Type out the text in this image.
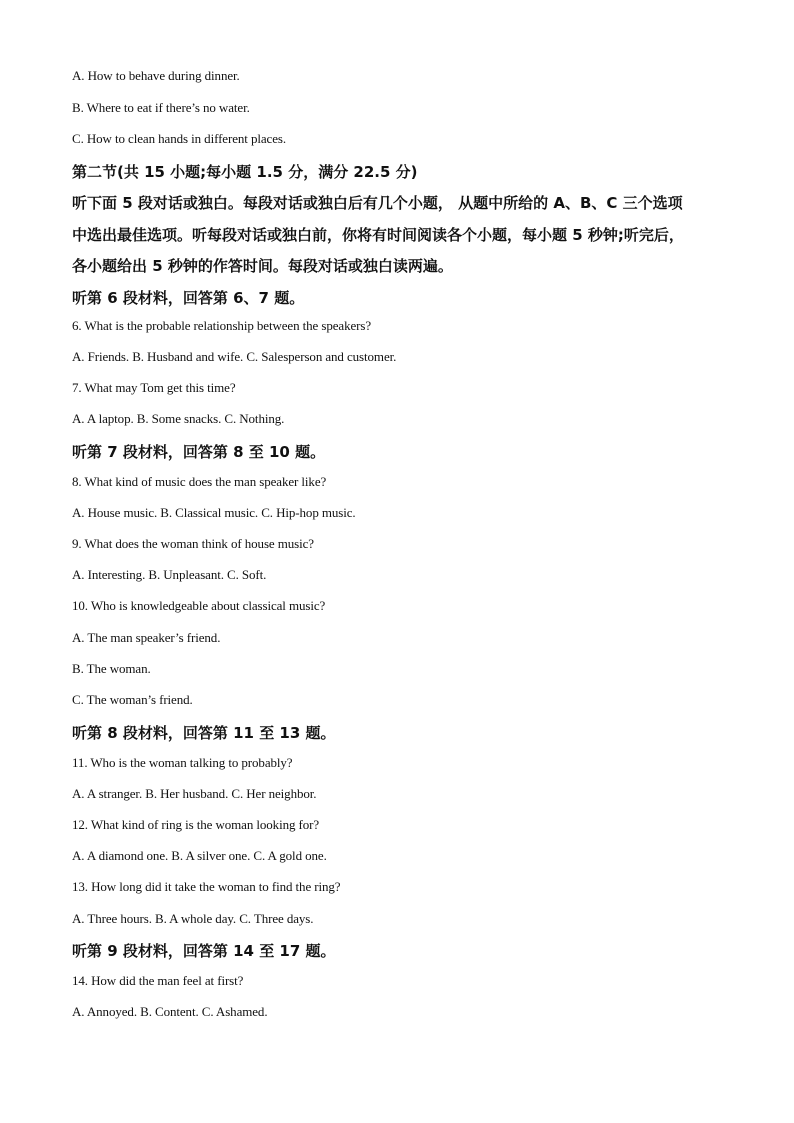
A. How to behave during dinner.

B. Where to eat if there’s no water.

C. How to clean hands in different places.

第二节(共 15 小题;每小题 1.5 分，满分 22.5 分)

听下面 5 段对话或独白。每段对话或独白后有几个小题， 从题中所给的 A、B、C 三个选项

中选出最佳选项。听每段对话或独白前，你将有时间阅读各个小题，每小题 5 秒钟;听完后，

各小题给出 5 秒钟的作答时间。每段对话或独白读两遍。

听第 6 段材料，回答第 6、7 题。

6. What is the probable relationship between the speakers?

A. Friends. B. Husband and wife. C. Salesperson and customer.

7. What may Tom get this time?

A. A laptop. B. Some snacks. C. Nothing.

听第 7 段材料，回答第 8 至 10 题。

8. What kind of music does the man speaker like?

A. House music. B. Classical music. C. Hip-hop music.

9. What does the woman think of house music?

A. Interesting. B. Unpleasant. C. Soft.

10. Who is knowledgeable about classical music?

A. The man speaker’s friend.

B. The woman.

C. The woman’s friend.

听第 8 段材料，回答第 11 至 13 题。

11. Who is the woman talking to probably?

A. A stranger. B. Her husband. C. Her neighbor.

12. What kind of ring is the woman looking for?

A. A diamond one. B. A silver one. C. A gold one.

13. How long did it take the woman to find the ring?

A. Three hours. B. A whole day. C. Three days.

听第 9 段材料，回答第 14 至 17 题。

14. How did the man feel at first?

A. Annoyed. B. Content. C. Ashamed.
